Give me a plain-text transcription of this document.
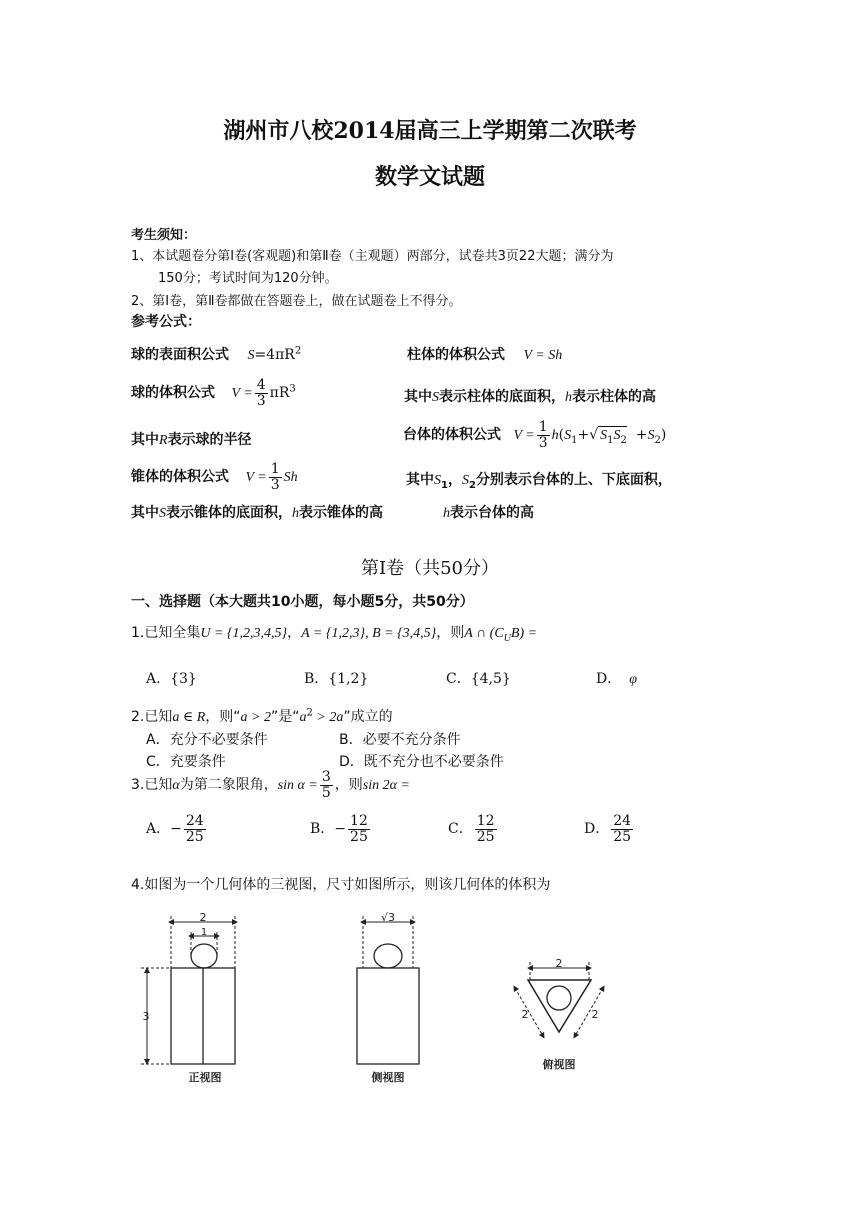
湖州市八校2014届高三上学期第二次联考
数学文试题
考生须知：
1、本试题卷分第Ⅰ卷(客观题)和第Ⅱ卷（主观题）两部分，试卷共3页22大题；满分为
150分；考试时间为120分钟。
2、第Ⅰ卷，第Ⅱ卷都做在答题卷上，做在试题卷上不得分。
参考公式：
球的表面积公式 $S=4\pi R^2$	柱体的体积公式 V = Sh
球的体积公式 $V = \frac{4}{3} \pi R^3$	其中S表示柱体的底面积，h表示柱体的高
其中R表示球的半径	台体的体积公式 $V = \frac{1}{3} h(S_1+√$ $S_1S_2 +S_2$)
锥体的体积公式 $V = \frac{1}{3}$ Sh	其中$S_1$，$S_2$分别表示台体的上、下底面积，
其中S表示锥体的底面积，h表示锥体的高	h表示台体的高
第Ⅰ卷（共50分）
一、选择题（本大题共10小题，每小题5分，共50分）
1.已知全集U = {1,2,3,4,5}，A = {1,2,3}, B = {3,4,5}，则A ∩ $(C_UB)$ =
A．{3}	B．{1,2}	C．{4,5}	D． φ
2.已知a ∈ R，则“a > 2”是“$a^2 > 2a$”成立的
A．充分不必要条件	B．必要不充分条件
C．充要条件	D．既不充分也不必要条件
3.已知α为第二象限角，$\sin \alpha = \frac{3}{5}$ ，则sin 2α =
A．− $\frac{24}{25}$	B．− $\frac{12}{25}$	C． $\frac{12}{25}$	D． $\frac{24}{25}$
4.如图为一个几何体的三视图，尺寸如图所示，则该几何体的体积为
2
1
3
正视图
√3
侧视图
2
2	2
俯视图
